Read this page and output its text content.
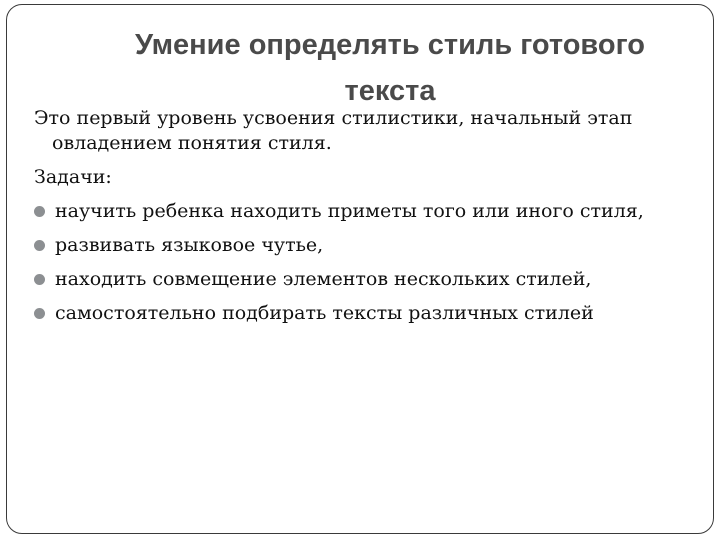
Умение определять стиль готового
текста

Это первый уровень усвоения стилистики, начальный этап овладением понятия стиля.

Задачи:

научить ребенка находить приметы того или иного стиля,
развивать языковое чутье,
находить совмещение элементов нескольких стилей,
самостоятельно подбирать тексты различных стилей
